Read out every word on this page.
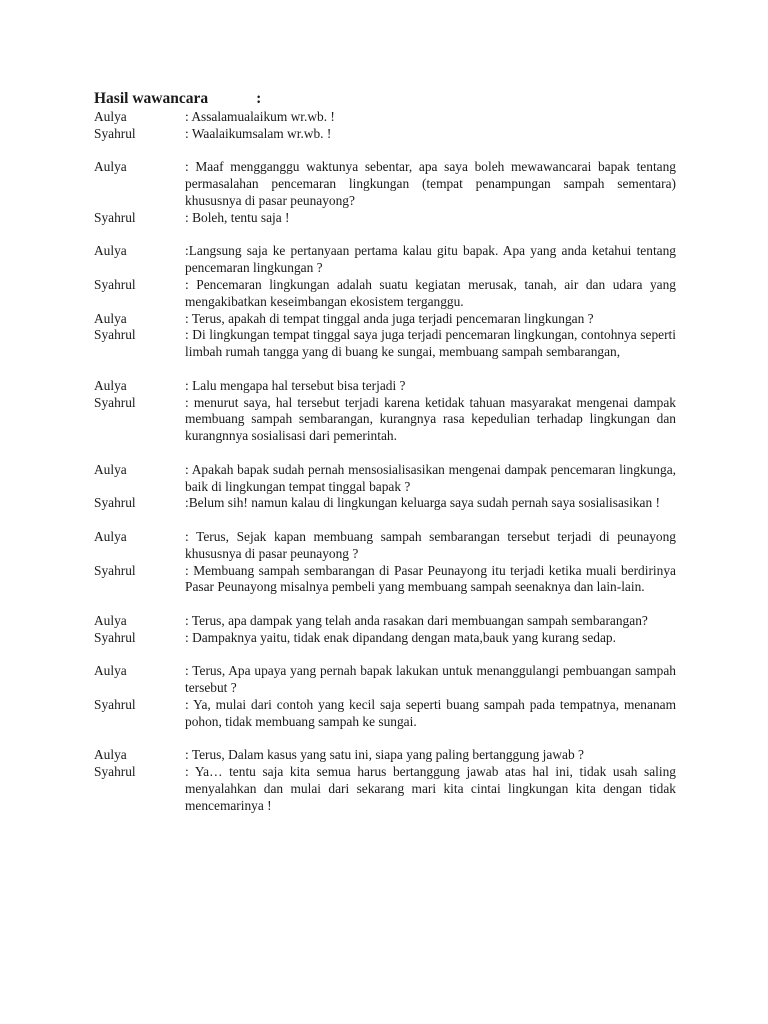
Hasil wawancara	:
Aulya	: Assalamualaikum wr.wb. !
Syahrul	: Waalaikumsalam wr.wb. !
Aulya	: Maaf mengganggu waktunya sebentar, apa saya boleh mewawancarai bapak tentang permasalahan pencemaran lingkungan (tempat penampungan sampah sementara) khususnya di pasar peunayong?
Syahrul	: Boleh, tentu saja !
Aulya	:Langsung saja ke pertanyaan pertama kalau gitu bapak. Apa yang anda ketahui tentang pencemaran lingkungan ?
Syahrul	: Pencemaran lingkungan adalah suatu kegiatan merusak, tanah, air dan udara yang mengakibatkan keseimbangan ekosistem terganggu.
Aulya	: Terus, apakah di tempat tinggal anda juga terjadi pencemaran lingkungan ?
Syahrul	: Di lingkungan tempat tinggal saya juga terjadi pencemaran lingkungan, contohnya seperti limbah rumah tangga yang di buang ke sungai, membuang sampah sembarangan,
Aulya	: Lalu mengapa hal tersebut bisa terjadi ?
Syahrul	: menurut saya, hal tersebut terjadi karena ketidak tahuan masyarakat mengenai dampak membuang sampah sembarangan, kurangnya rasa kepedulian terhadap lingkungan dan kurangnnya sosialisasi dari pemerintah.
Aulya	: Apakah bapak sudah pernah mensosialisasikan mengenai dampak pencemaran lingkunga, baik di lingkungan tempat tinggal bapak ?
Syahrul	:Belum sih! namun kalau di lingkungan keluarga saya sudah pernah saya sosialisasikan !
Aulya	: Terus, Sejak kapan membuang sampah sembarangan tersebut terjadi di peunayong khususnya di pasar peunayong ?
Syahrul	: Membuang sampah sembarangan di Pasar Peunayong itu terjadi ketika muali berdirinya Pasar Peunayong misalnya pembeli yang membuang sampah seenaknya dan lain-lain.
Aulya	: Terus, apa dampak yang telah anda rasakan dari membuangan sampah sembarangan?
Syahrul	: Dampaknya yaitu, tidak enak dipandang dengan mata,bauk yang kurang sedap.
Aulya	: Terus, Apa upaya yang pernah bapak lakukan untuk menanggulangi pembuangan sampah tersebut ?
Syahrul	: Ya, mulai dari contoh yang kecil saja seperti buang sampah pada tempatnya, menanam pohon, tidak membuang sampah ke sungai.
Aulya	: Terus, Dalam kasus yang satu ini, siapa yang paling bertanggung jawab ?
Syahrul	: Ya… tentu saja kita semua harus bertanggung jawab atas hal ini, tidak usah saling menyalahkan dan mulai dari sekarang mari kita cintai lingkungan kita dengan tidak mencemarinya !
